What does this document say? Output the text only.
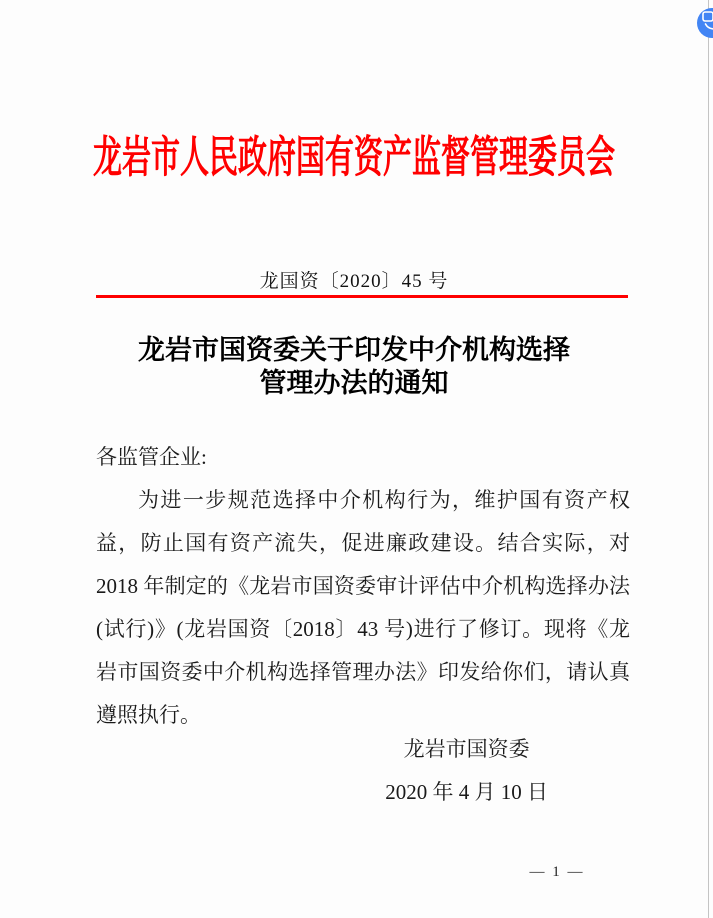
龙岩市人民政府国有资产监督管理委员会
龙国资〔2020〕45 号
龙岩市国资委关于印发中介机构选择
管理办法的通知

各监管企业:

为进一步规范选择中介机构行为，维护国有资产权益，防止国有资产流失，促进廉政建设。结合实际，对 2018 年制定的《龙岩市国资委审计评估中介机构选择办法(试行)》(龙岩国资〔2018〕43 号)进行了修订。现将《龙岩市国资委中介机构选择管理办法》印发给你们，请认真遵照执行。

龙岩市国资委
2020 年 4 月 10 日
— 1 —
